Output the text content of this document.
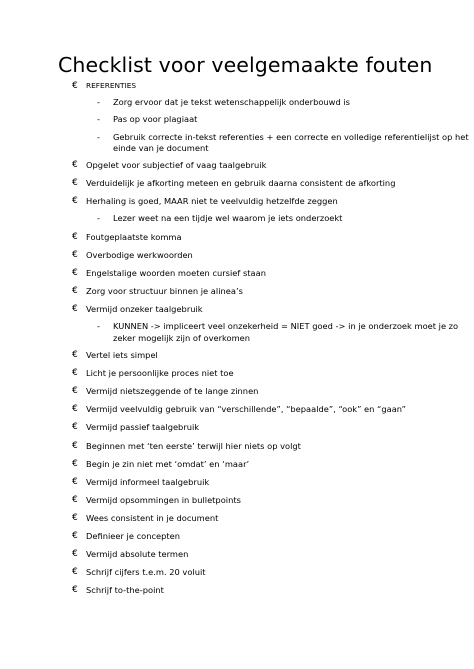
Checklist voor veelgemaakte fouten
€ REFERENTIES
- Zorg ervoor dat je tekst wetenschappelijk onderbouwd is
- Pas op voor plagiaat
- Gebruik correcte in-tekst referenties + een correcte en volledige referentielijst op het
einde van je document
€ Opgelet voor subjectief of vaag taalgebruik
€ Verduidelijk je afkorting meteen en gebruik daarna consistent de afkorting
€ Herhaling is goed, MAAR niet te veelvuldig hetzelfde zeggen
- Lezer weet na een tijdje wel waarom je iets onderzoekt
€ Foutgeplaatste komma
€ Overbodige werkwoorden
€ Engelstalige woorden moeten cursief staan
€ Zorg voor structuur binnen je alinea’s
€ Vermijd onzeker taalgebruik
- KUNNEN -> impliceert veel onzekerheid = NIET goed -> in je onderzoek moet je zo
zeker mogelijk zijn of overkomen
€ Vertel iets simpel
€ Licht je persoonlijke proces niet toe
€ Vermijd nietszeggende of te lange zinnen
€ Vermijd veelvuldig gebruik van “verschillende”, “bepaalde”, “ook” en “gaan”
€ Vermijd passief taalgebruik
€ Beginnen met ‘ten eerste’ terwijl hier niets op volgt
€ Begin je zin niet met ‘omdat’ en ‘maar’
€ Vermijd informeel taalgebruik
€ Vermijd opsommingen in bulletpoints
€ Wees consistent in je document
€ Definieer je concepten
€ Vermijd absolute termen
€ Schrijf cijfers t.e.m. 20 voluit
€ Schrijf to-the-point
